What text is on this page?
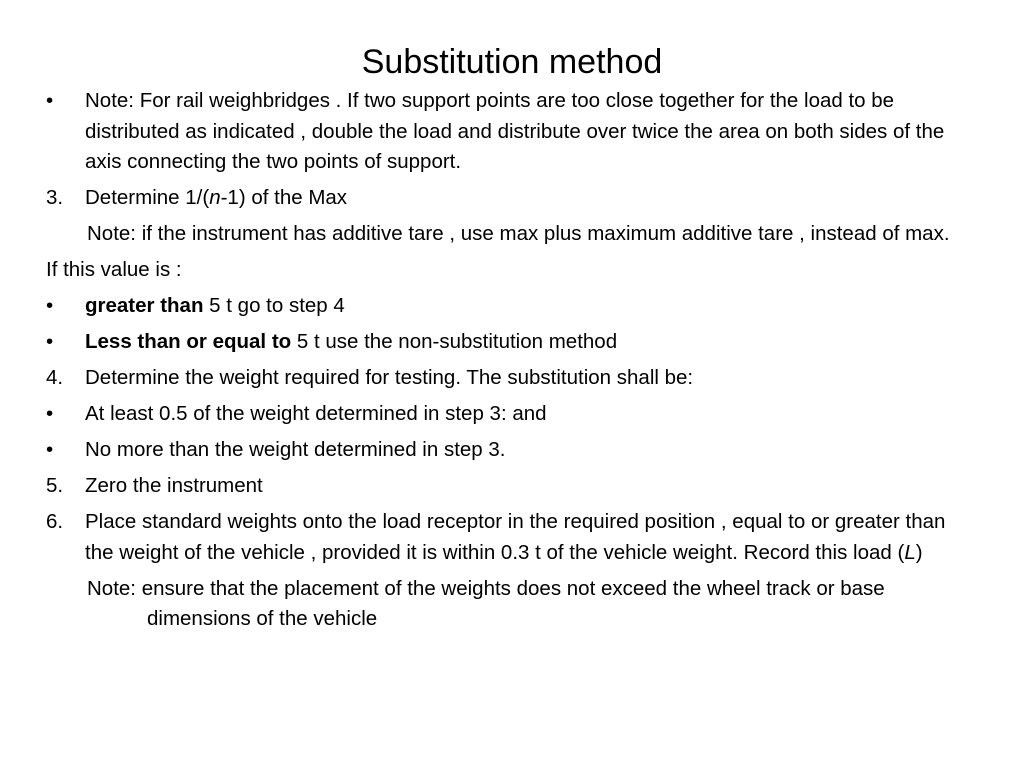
Substitution method

•	Note: For rail weighbridges . If two support points are too close together for the load to be distributed as indicated , double the load and distribute over twice the area on both sides of the axis connecting the two points of support.

3.	Determine 1/(n-1) of the Max

Note: if the instrument has additive tare , use max plus maximum additive tare , instead of max.

If this value is :

•	greater than 5 t go to step 4

•	Less than or equal to 5 t use the non-substitution method

4.	Determine the weight required for testing. The substitution shall be:

•	At least 0.5 of the weight determined in step 3: and

•	No more than the weight determined in step 3.

5.	Zero the instrument

6.	Place standard weights onto the load receptor in the required position , equal to or greater than the weight of the vehicle , provided it is within 0.3 t of the vehicle weight. Record this load (L)

Note: ensure that the placement of the weights does not exceed the wheel track or base dimensions of the vehicle
